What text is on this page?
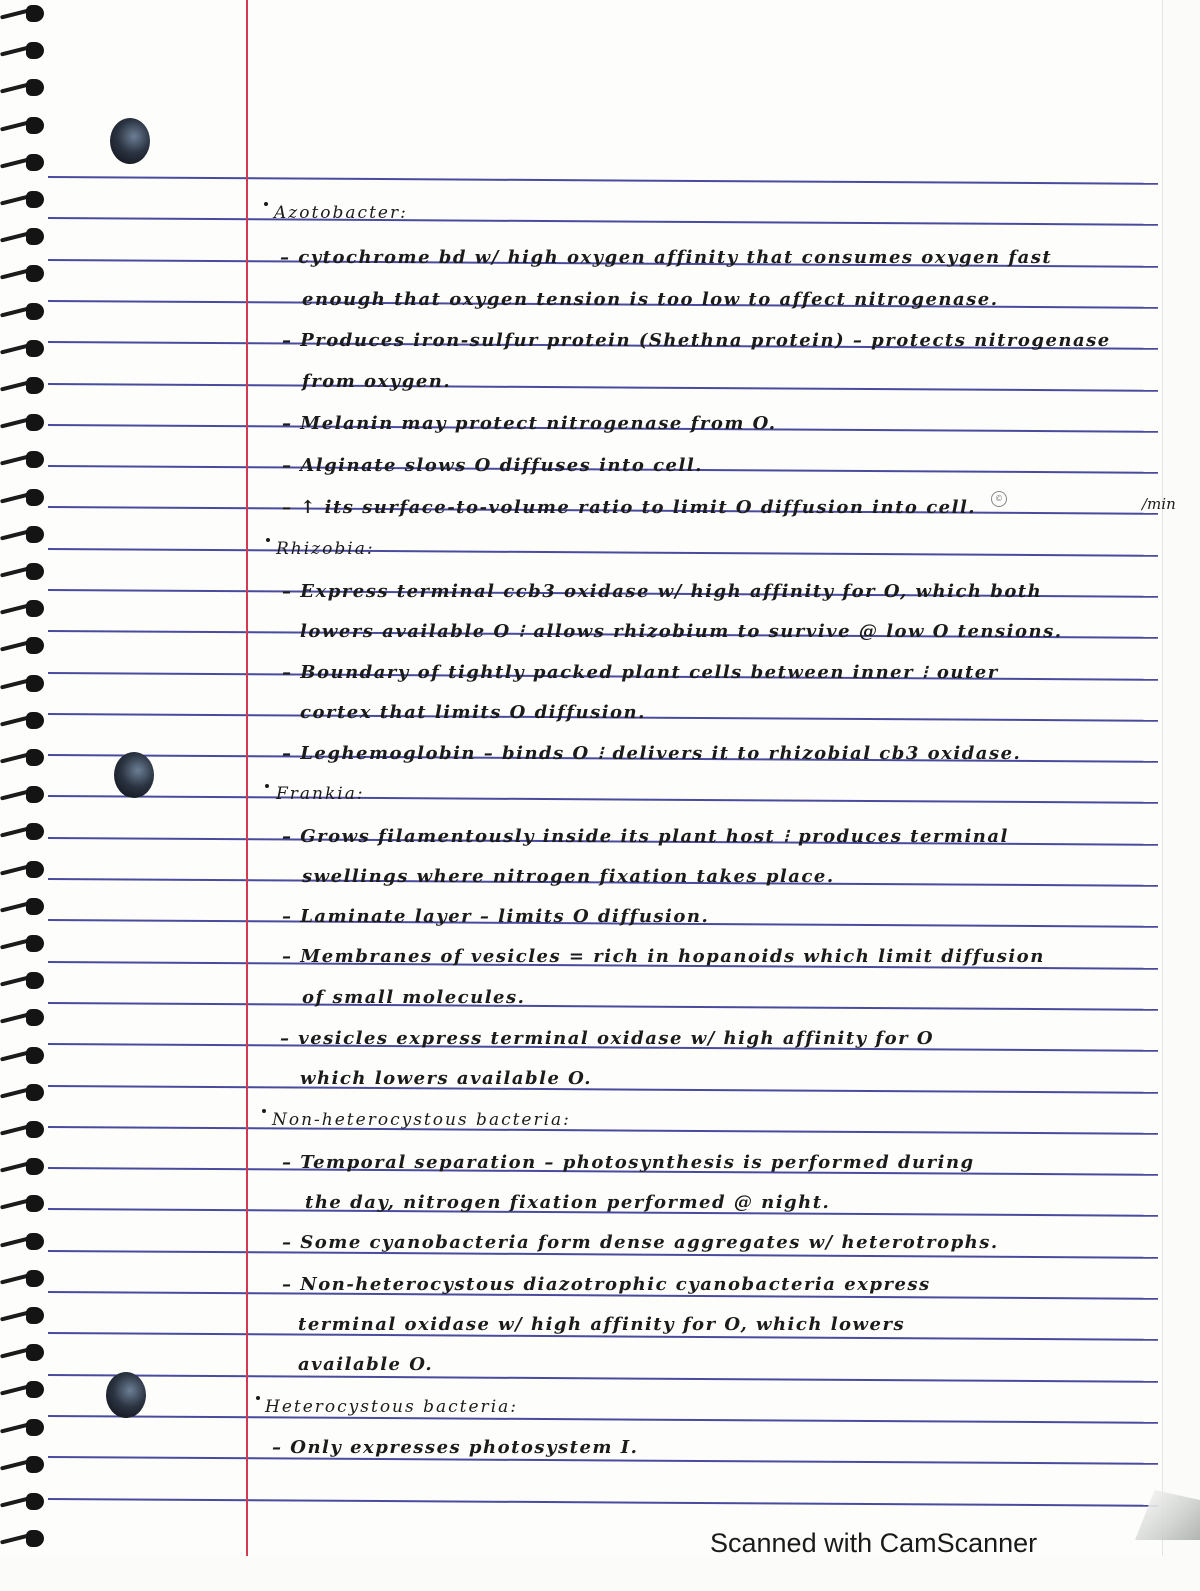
Azotobacter:
– cytochrome bd w/ high oxygen affinity that consumes oxygen fast
enough that oxygen tension is too low to affect nitrogenase.
– Produces iron-sulfur protein (Shethna protein) – protects nitrogenase
from oxygen.
– Melanin may protect nitrogenase from O.
– Alginate slows O diffuses into cell.
– ↑ its surface-to-volume ratio to limit O diffusion into cell.	©	/min
Rhizobia:
– Express terminal ccb3 oxidase w/ high affinity for O, which both
lowers available O ⁝ allows rhizobium to survive @ low O tensions.
– Boundary of tightly packed plant cells between inner ⁝ outer
cortex that limits O diffusion.
– Leghemoglobin – binds O ⁝ delivers it to rhizobial cb3 oxidase.
Frankia:
– Grows filamentously inside its plant host ⁝ produces terminal
swellings where nitrogen fixation takes place.
– Laminate layer – limits O diffusion.
– Membranes of vesicles = rich in hopanoids which limit diffusion
of small molecules.
– vesicles express terminal oxidase w/ high affinity for O
which lowers available O.
Non-heterocystous bacteria:
– Temporal separation – photosynthesis is performed during
the day, nitrogen fixation performed @ night.
– Some cyanobacteria form dense aggregates w/ heterotrophs.
– Non-heterocystous diazotrophic cyanobacteria express
terminal oxidase w/ high affinity for O, which lowers
available O.
Heterocystous bacteria:
– Only expresses photosystem I.
Scanned with CamScanner
